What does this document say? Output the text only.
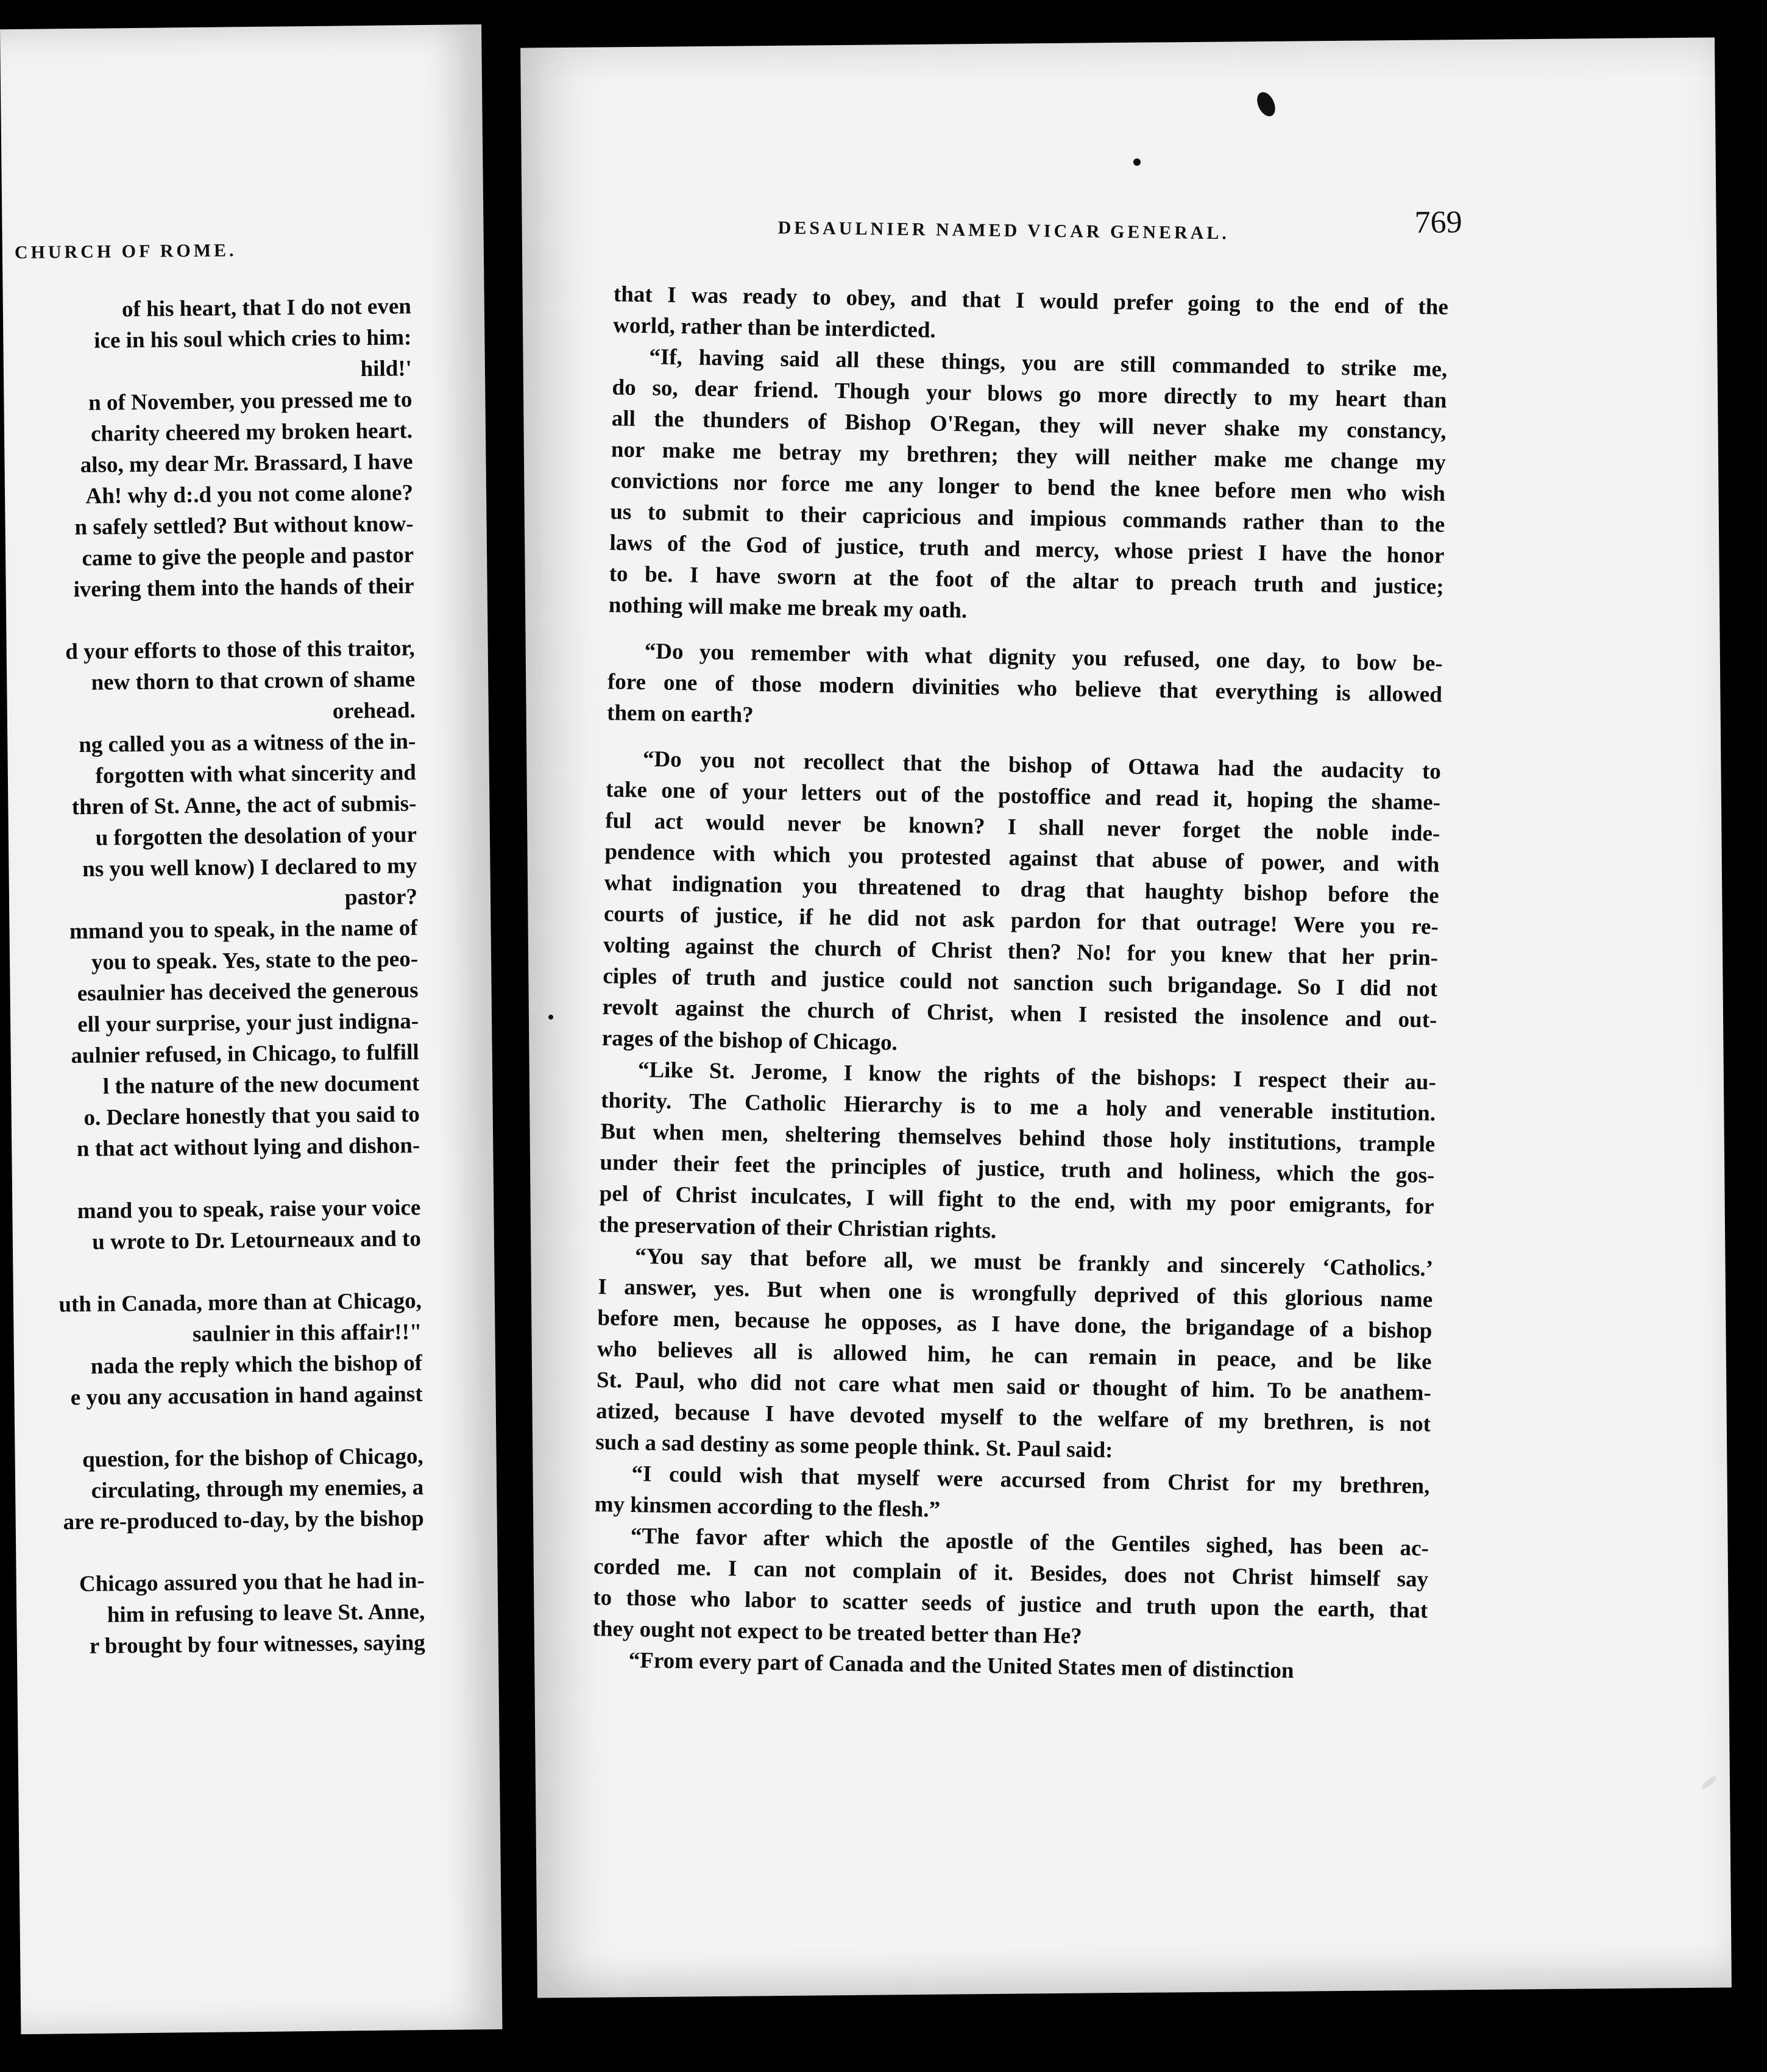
CHURCH OF ROME.
of his heart, that I do not even
ice in his soul which cries to him:
hild!'
n of November, you pressed me to
charity cheered my broken heart.
also, my dear Mr. Brassard, I have
Ah! why d:.d you not come alone?
n safely settled? But without know-
came to give the people and pastor
ivering them into the hands of their

d your efforts to those of this traitor,
new thorn to that crown of shame
orehead.
ng called you as a witness of the in-
forgotten with what sincerity and
thren of St. Anne, the act of submis-
u forgotten the desolation of your
ns you well know) I declared to my
pastor?
mmand you to speak, in the name of
you to speak. Yes, state to the peo-
esaulnier has deceived the generous
ell your surprise, your just indigna-
aulnier refused, in Chicago, to fulfill
l the nature of the new document
o. Declare honestly that you said to
n that act without lying and dishon-

mand you to speak, raise your voice
u wrote to Dr. Letourneaux and to

uth in Canada, more than at Chicago,
saulnier in this affair!!"
nada the reply which the bishop of
e you any accusation in hand against

question, for the bishop of Chicago,
circulating, through my enemies, a
are re-produced to-day, by the bishop

Chicago assured you that he had in-
him in refusing to leave St. Anne,
r brought by four witnesses, saying
DESAULNIER NAMED VICAR GENERAL.	769
that I was ready to obey, and that I would prefer going to the end of the
world, rather than be interdicted.
“If, having said all these things, you are still commanded to strike me,
do so, dear friend. Though your blows go more directly to my heart than
all the thunders of Bishop O'Regan, they will never shake my constancy,
nor make me betray my brethren; they will neither make me change my
convictions nor force me any longer to bend the knee before men who wish
us to submit to their capricious and impious commands rather than to the
laws of the God of justice, truth and mercy, whose priest I have the honor
to be. I have sworn at the foot of the altar to preach truth and justice;
nothing will make me break my oath.
“Do you remember with what dignity you refused, one day, to bow be-
fore one of those modern divinities who believe that everything is allowed
them on earth?
“Do you not recollect that the bishop of Ottawa had the audacity to
take one of your letters out of the postoffice and read it, hoping the shame-
ful act would never be known? I shall never forget the noble inde-
pendence with which you protested against that abuse of power, and with
what indignation you threatened to drag that haughty bishop before the
courts of justice, if he did not ask pardon for that outrage! Were you re-
volting against the church of Christ then? No! for you knew that her prin-
ciples of truth and justice could not sanction such brigandage. So I did not
revolt against the church of Christ, when I resisted the insolence and out-
rages of the bishop of Chicago.
“Like St. Jerome, I know the rights of the bishops: I respect their au-
thority. The Catholic Hierarchy is to me a holy and venerable institution.
But when men, sheltering themselves behind those holy institutions, trample
under their feet the principles of justice, truth and holiness, which the gos-
pel of Christ inculcates, I will fight to the end, with my poor emigrants, for
the preservation of their Christian rights.
“You say that before all, we must be frankly and sincerely ‘Catholics.’
I answer, yes. But when one is wrongfully deprived of this glorious name
before men, because he opposes, as I have done, the brigandage of a bishop
who believes all is allowed him, he can remain in peace, and be like
St. Paul, who did not care what men said or thought of him. To be anathem-
atized, because I have devoted myself to the welfare of my brethren, is not
such a sad destiny as some people think. St. Paul said:
“I could wish that myself were accursed from Christ for my brethren,
my kinsmen according to the flesh.”
“The favor after which the apostle of the Gentiles sighed, has been ac-
corded me. I can not complain of it. Besides, does not Christ himself say
to those who labor to scatter seeds of justice and truth upon the earth, that
they ought not expect to be treated better than He?
“From every part of Canada and the United States men of distinction
